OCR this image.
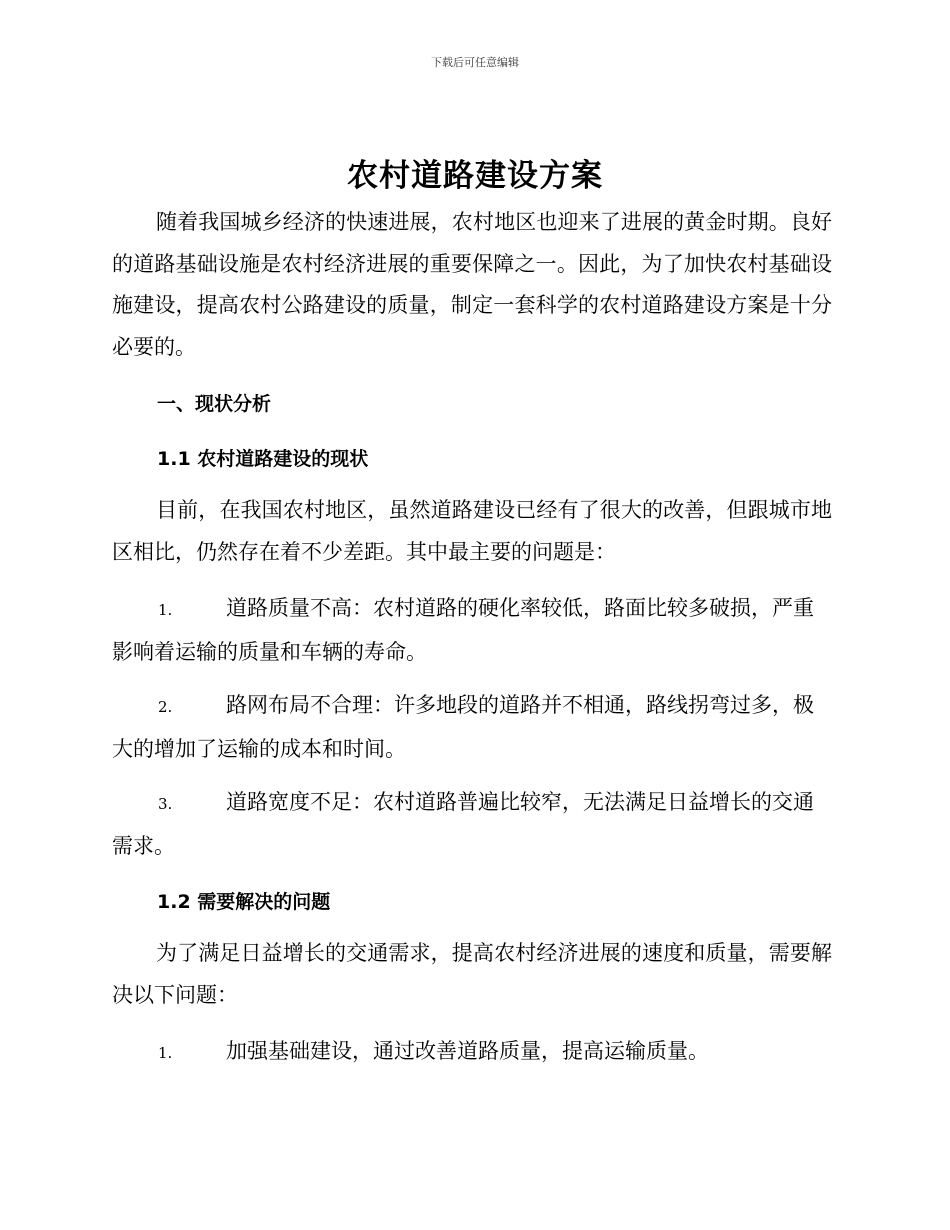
下载后可任意编辑
农村道路建设方案

随着我国城乡经济的快速进展，农村地区也迎来了进展的黄金时期。良好的道路基础设施是农村经济进展的重要保障之一。因此，为了加快农村基础设施建设，提高农村公路建设的质量，制定一套科学的农村道路建设方案是十分必要的。

一、现状分析
1.1 农村道路建设的现状

目前，在我国农村地区，虽然道路建设已经有了很大的改善，但跟城市地区相比，仍然存在着不少差距。其中最主要的问题是：

1.	道路质量不高：农村道路的硬化率较低，路面比较多破损，严重影响着运输的质量和车辆的寿命。
2.	路网布局不合理：许多地段的道路并不相通，路线拐弯过多，极大的增加了运输的成本和时间。
3.	道路宽度不足：农村道路普遍比较窄，无法满足日益增长的交通需求。
1.2 需要解决的问题

为了满足日益增长的交通需求，提高农村经济进展的速度和质量，需要解决以下问题：

1.	加强基础建设，通过改善道路质量，提高运输质量。
